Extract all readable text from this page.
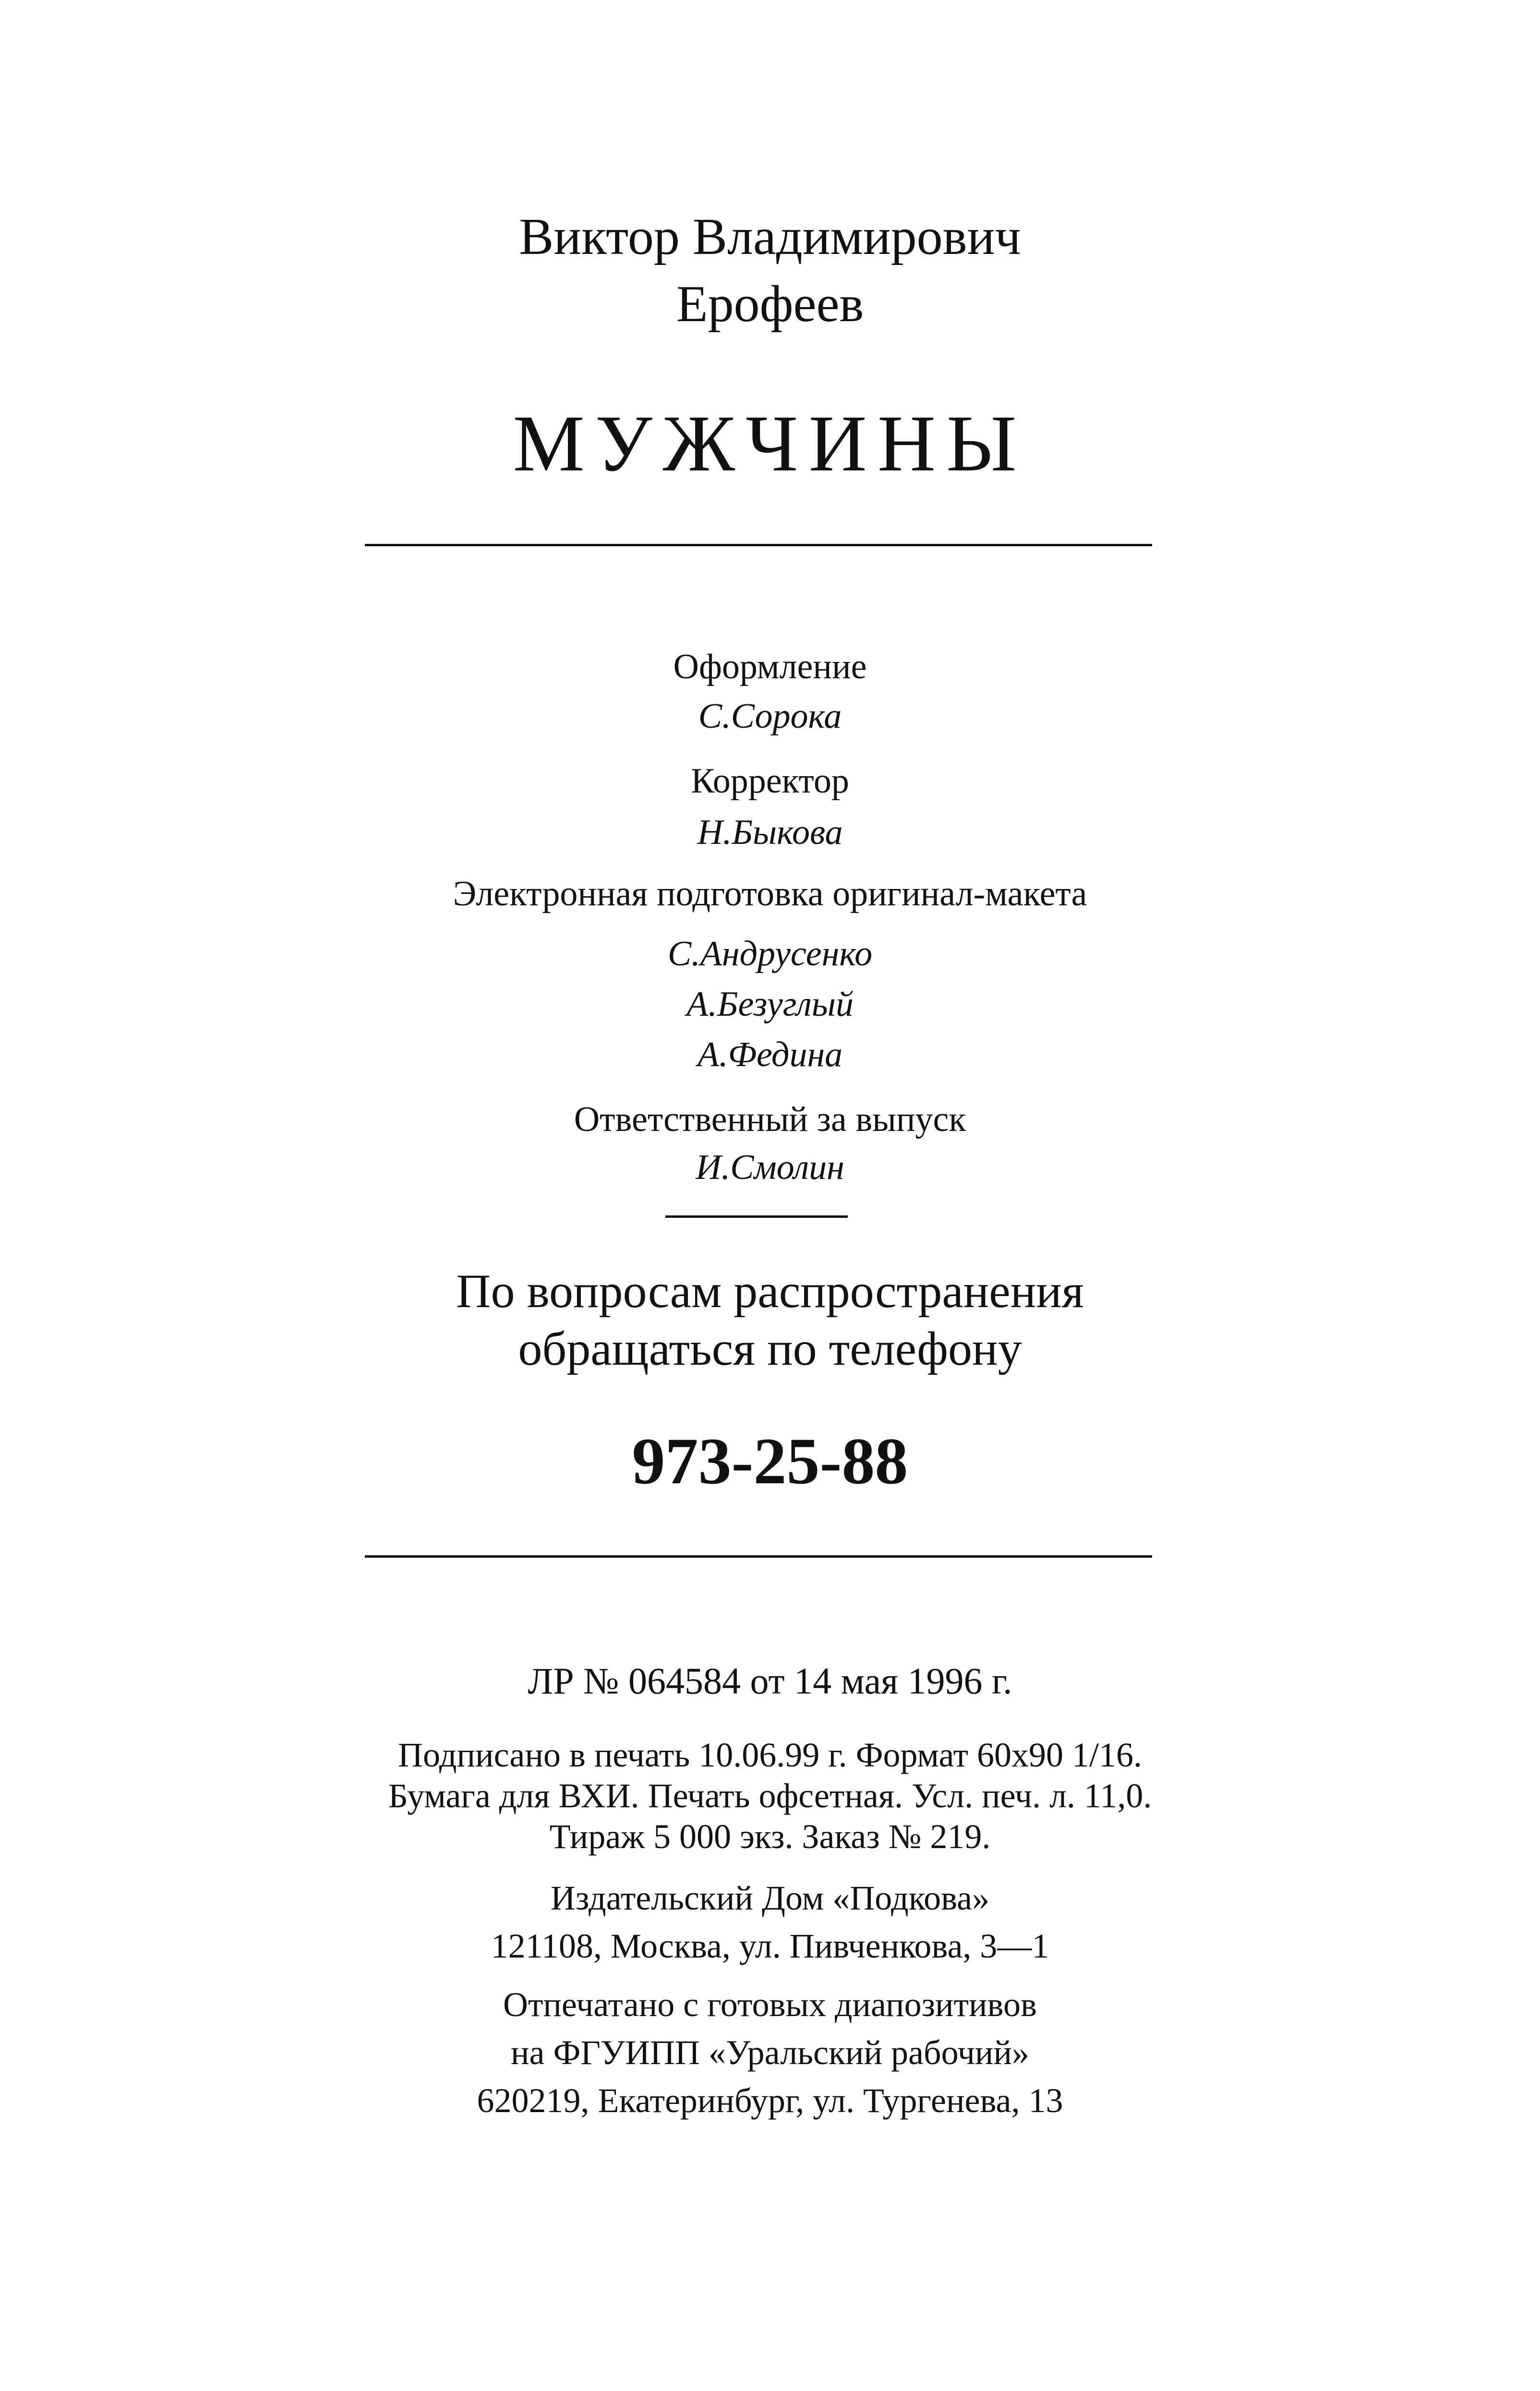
Виктор Владимирович
Ерофеев
МУЖЧИНЫ
Оформление
С.Сорока
Корректор
Н.Быкова
Электронная подготовка оригинал-макета
С.Андрусенко
А.Безуглый
А.Федина
Ответственный за выпуск
И.Смолин
По вопросам распространения
обращаться по телефону
973-25-88
ЛР № 064584 от 14 мая 1996 г.
Подписано в печать 10.06.99 г. Формат 60х90 1/16.
Бумага для ВХИ. Печать офсетная. Усл. печ. л. 11,0.
Тираж 5 000 экз. Заказ № 219.
Издательский Дом «Подкова»
121108, Москва, ул. Пивченкова, 3—1
Отпечатано с готовых диапозитивов
на ФГУИПП «Уральский рабочий»
620219, Екатеринбург, ул. Тургенева, 13
